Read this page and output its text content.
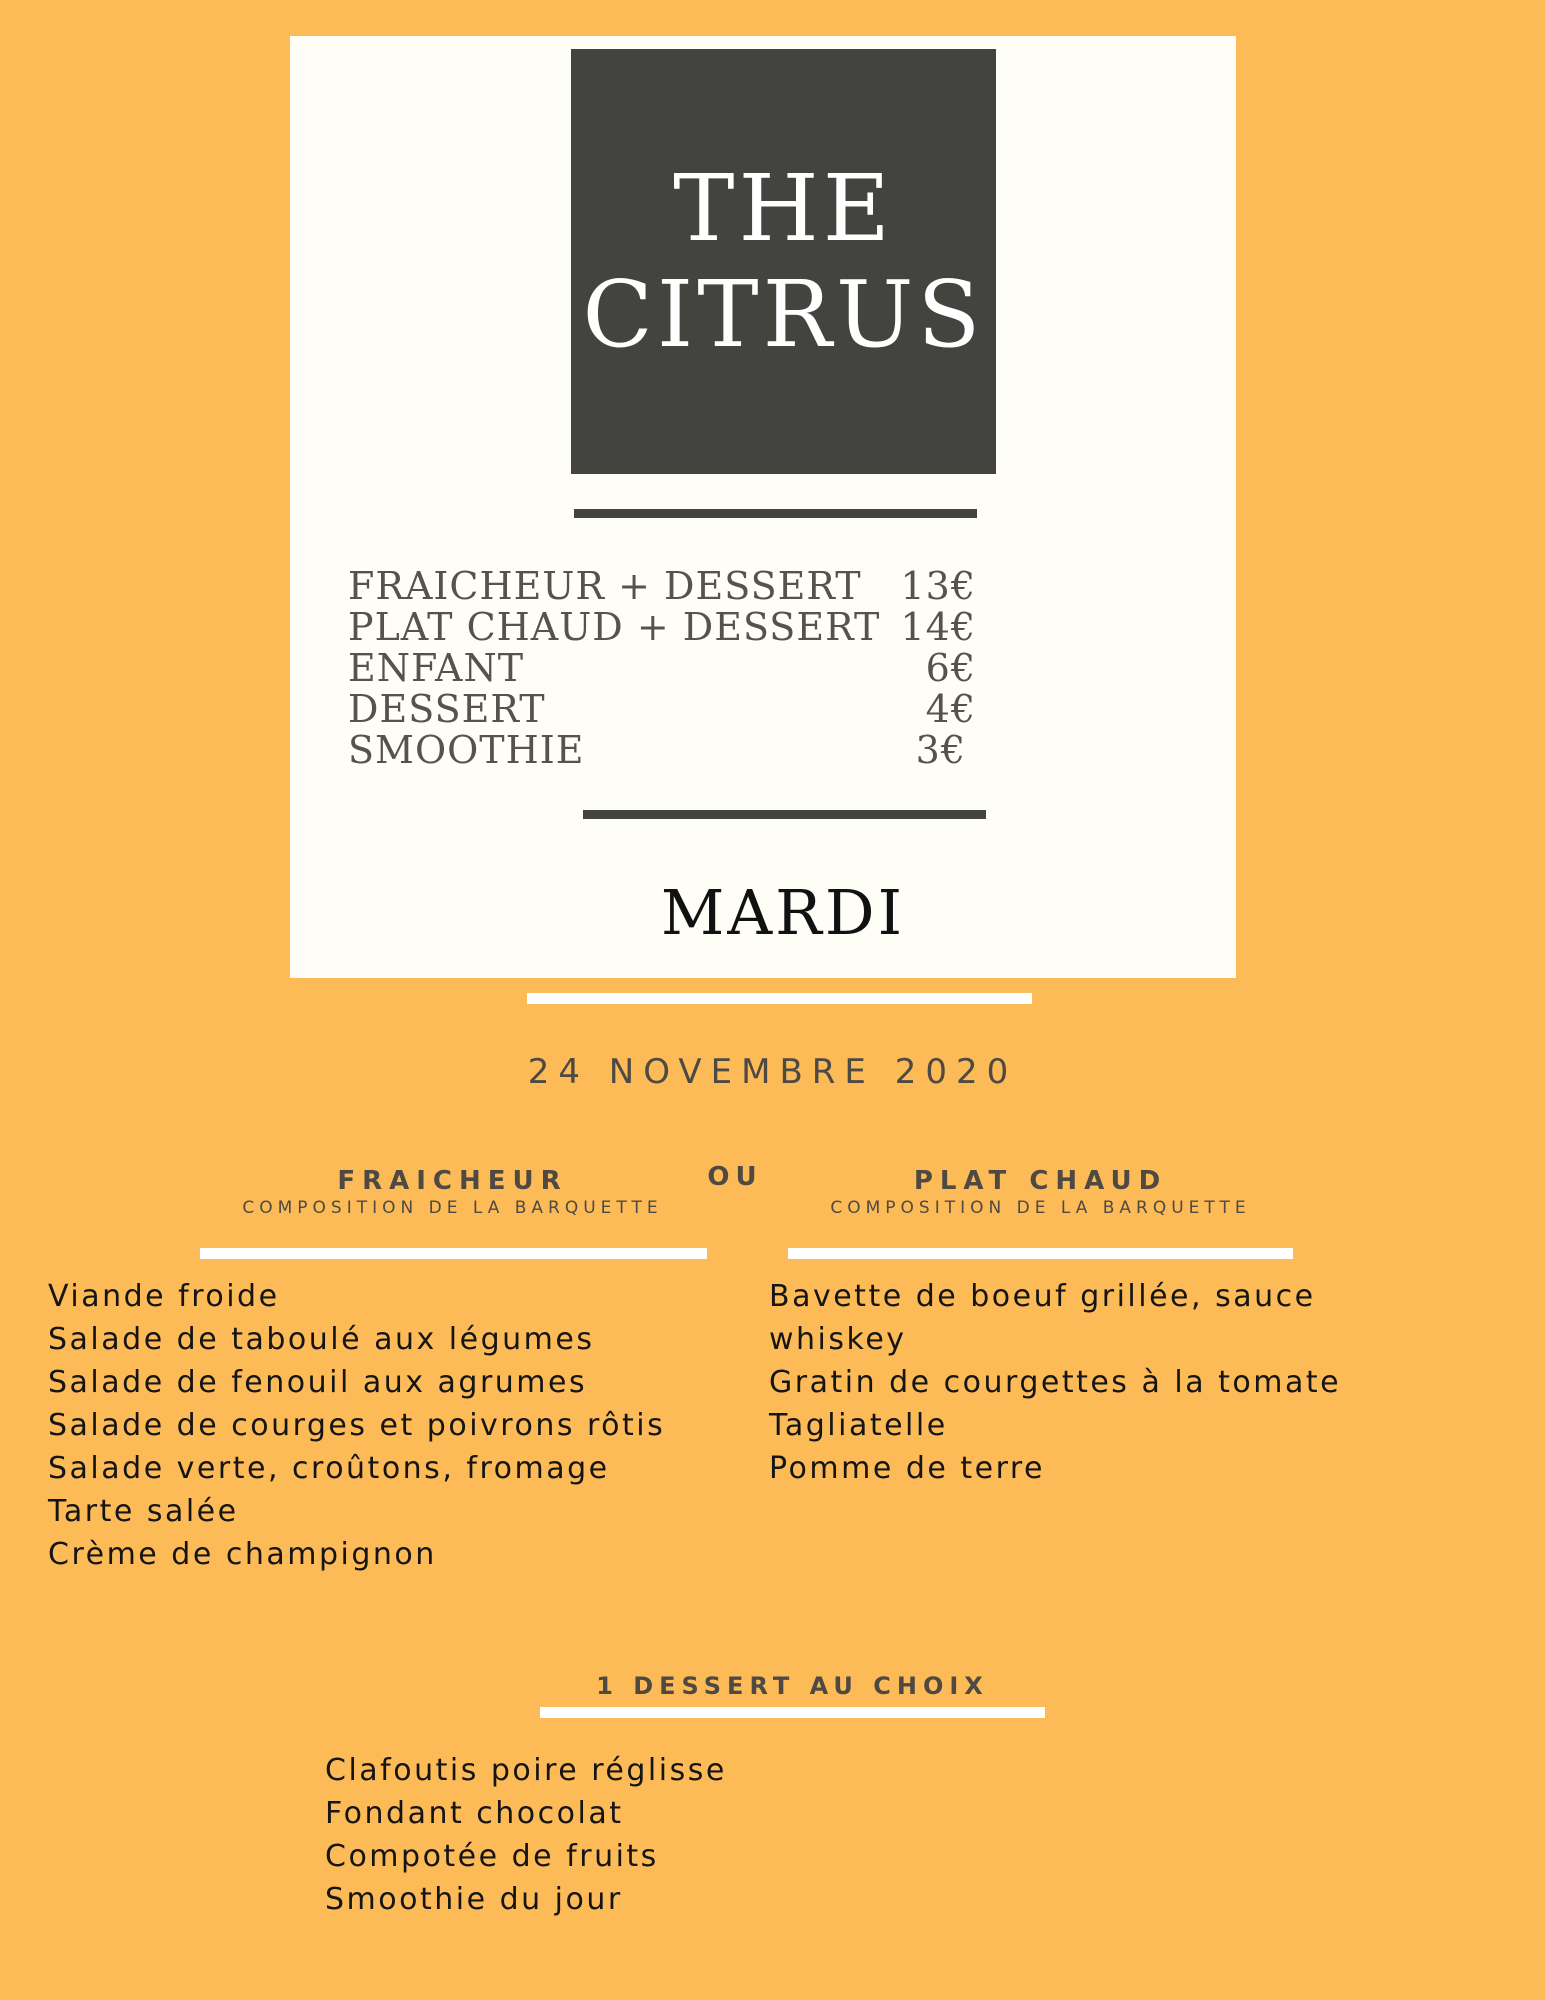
THE
CITRUS
FRAICHEUR + DESSERT 13€
PLAT CHAUD + DESSERT 14€
ENFANT	6€
DESSERT	4€
SMOOTHIE	3€
MARDI
24 NOVEMBRE 2020
FRAICHEUR
COMPOSITION DE LA BARQUETTE
OU	PLAT CHAUD
COMPOSITION DE LA BARQUETTE
Viande froide
Salade de taboulé aux légumes
Salade de fenouil aux agrumes
Salade de courges et poivrons rôtis
Salade verte, croûtons, fromage
Tarte salée
Crème de champignon
Bavette de boeuf grillée, sauce
whiskey
Gratin de courgettes à la tomate
Tagliatelle
Pomme de terre
1 DESSERT AU CHOIX
Clafoutis poire réglisse
Fondant chocolat
Compotée de fruits
Smoothie du jour
